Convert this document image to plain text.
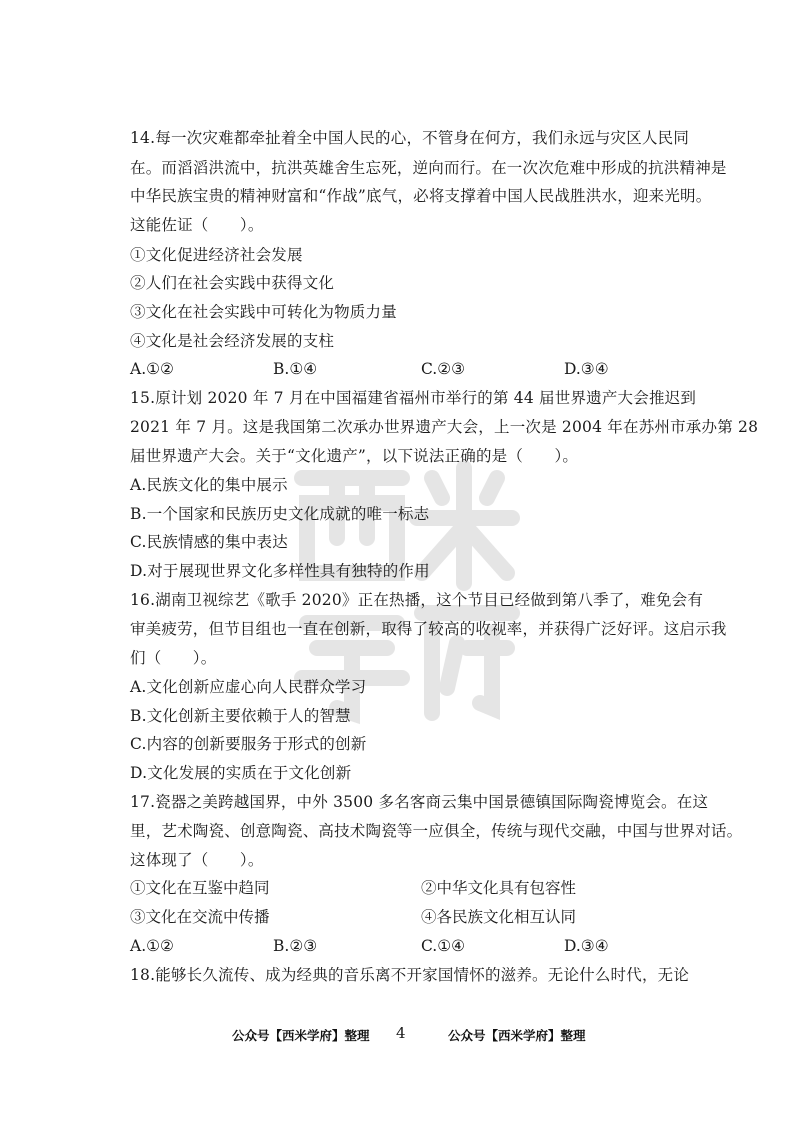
14.每一次灾难都牵扯着全中国人民的心，不管身在何方，我们永远与灾区人民同
在。而滔滔洪流中，抗洪英雄舍生忘死，逆向而行。在一次次危难中形成的抗洪精神是
中华民族宝贵的精神财富和“作战”底气，必将支撑着中国人民战胜洪水，迎来光明。
这能佐证（　　）。
①文化促进经济社会发展
②人们在社会实践中获得文化
③文化在社会实践中可转化为物质力量
④文化是社会经济发展的支柱
A.①②	B.①④	C.②③	D.③④
15.原计划 2020 年 7 月在中国福建省福州市举行的第 44 届世界遗产大会推迟到
2021 年 7 月。这是我国第二次承办世界遗产大会，上一次是 2004 年在苏州市承办第 28
届世界遗产大会。关于“文化遗产”，以下说法正确的是（　　）。
A.民族文化的集中展示
B.一个国家和民族历史文化成就的唯一标志
C.民族情感的集中表达
D.对于展现世界文化多样性具有独特的作用
16.湖南卫视综艺《歌手 2020》正在热播，这个节目已经做到第八季了，难免会有
审美疲劳，但节目组也一直在创新，取得了较高的收视率，并获得广泛好评。这启示我
们（　　）。
A.文化创新应虚心向人民群众学习
B.文化创新主要依赖于人的智慧
C.内容的创新要服务于形式的创新
D.文化发展的实质在于文化创新
17.瓷器之美跨越国界，中外 3500 多名客商云集中国景德镇国际陶瓷博览会。在这
里，艺术陶瓷、创意陶瓷、高技术陶瓷等一应俱全，传统与现代交融，中国与世界对话。
这体现了（　　）。
①文化在互鉴中趋同	②中华文化具有包容性
③文化在交流中传播	④各民族文化相互认同
A.①②	B.②③	C.①④	D.③④
18.能够长久流传、成为经典的音乐离不开家国情怀的滋养。无论什么时代，无论
公众号【西米学府】整理 4	公众号【西米学府】整理
